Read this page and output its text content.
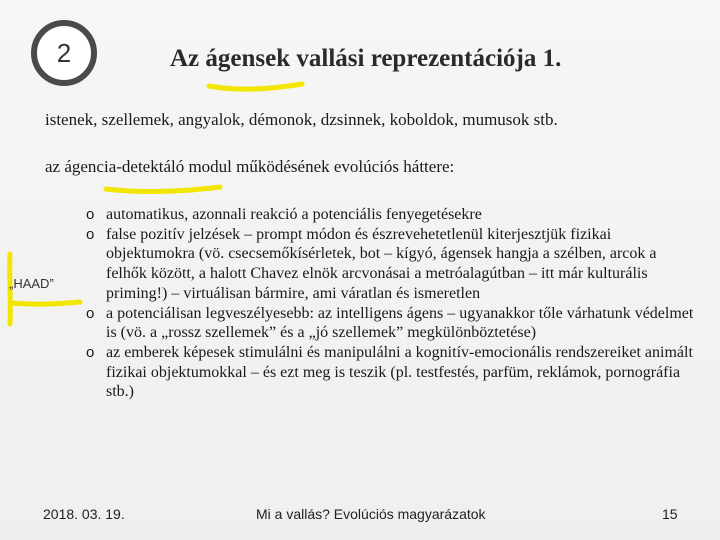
2	Az ágensek vallási reprezentációja 1.
istenek, szellemek, angyalok, démonok, dzsinnek, koboldok, mumusok stb.
az ágencia-detektáló modul működésének evolúciós háttere:
„HAAD”
o automatikus, azonnali reakció a potenciális fenyegetésekre
o false pozitív jelzések – prompt módon és észrevehetetlenül kiterjesztjük fizikai objektumokra (vö. csecsemőkísérletek, bot – kígyó, ágensek hangja a szélben, arcok a felhők között, a halott Chavez elnök arcvonásai a metróalagútban – itt már kulturális priming!) – virtuálisan bármire, ami váratlan és ismeretlen
o a potenciálisan legveszélyesebb: az intelligens ágens – ugyanakkor tőle várhatunk védelmet is (vö. a „rossz szellemek” és a „jó szellemek” megkülönböztetése)
o az emberek képesek stimulálni és manipulálni a kognitív-emocionális rendszereiket animált fizikai objektumokkal – és ezt meg is teszik (pl. testfestés, parfüm, reklámok, pornográfia stb.)
2018. 03. 19.	Mi a vallás? Evolúciós magyarázatok	15
